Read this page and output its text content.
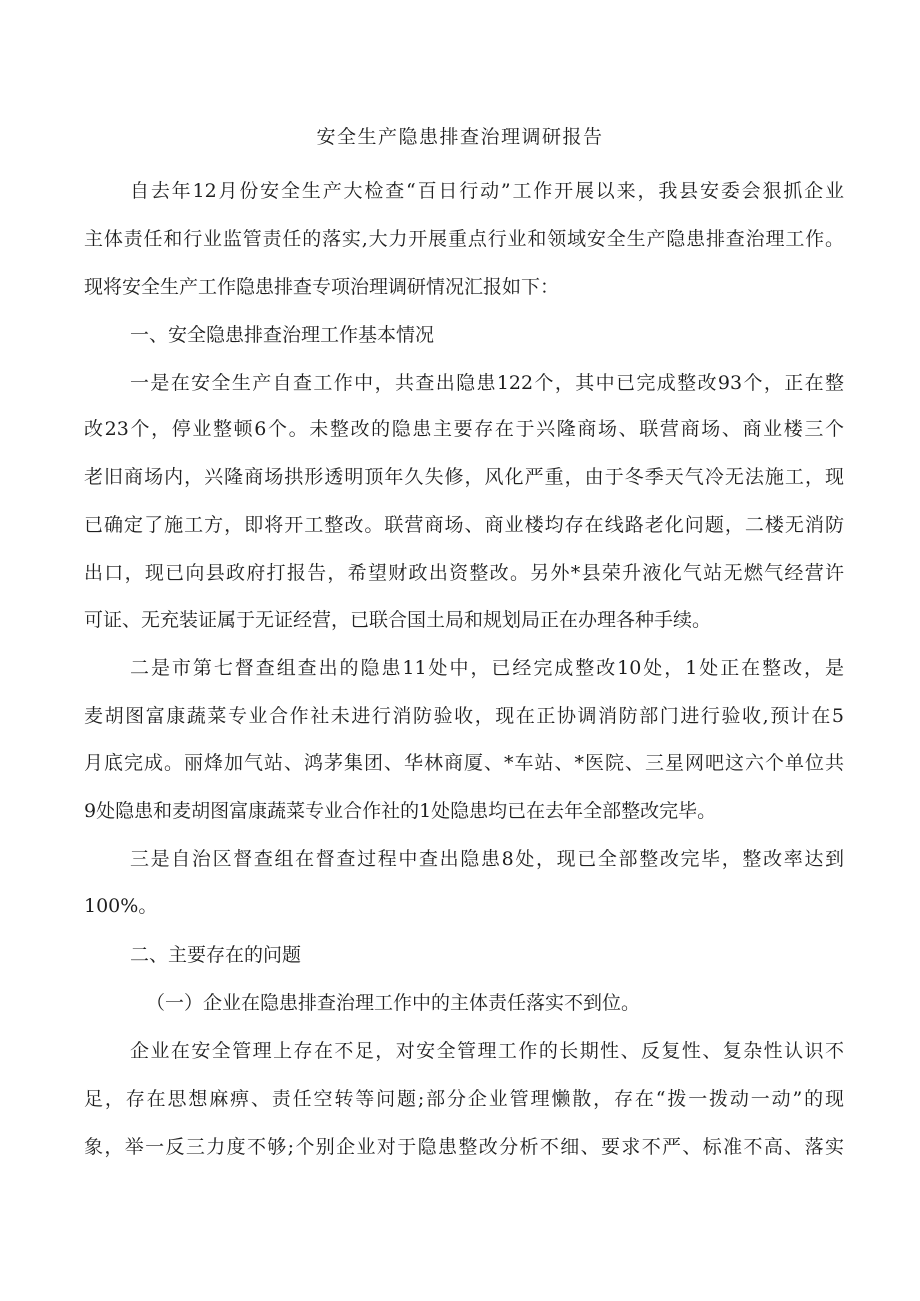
安全生产隐患排查治理调研报告
自去年12月份安全生产大检查“百日行动”工作开展以来，我县安委会狠抓企业
主体责任和行业监管责任的落实,大力开展重点行业和领域安全生产隐患排查治理工作。
现将安全生产工作隐患排查专项治理调研情况汇报如下：
一、安全隐患排查治理工作基本情况
一是在安全生产自查工作中，共查出隐患122个，其中已完成整改93个，正在整
改23个，停业整顿6个。未整改的隐患主要存在于兴隆商场、联营商场、商业楼三个
老旧商场内，兴隆商场拱形透明顶年久失修，风化严重，由于冬季天气冷无法施工，现
已确定了施工方，即将开工整改。联营商场、商业楼均存在线路老化问题，二楼无消防
出口，现已向县政府打报告，希望财政出资整改。另外*县荣升液化气站无燃气经营许
可证、无充装证属于无证经营，已联合国土局和规划局正在办理各种手续。
二是市第七督查组查出的隐患11处中，已经完成整改10处，1处正在整改，是
麦胡图富康蔬菜专业合作社未进行消防验收，现在正协调消防部门进行验收,预计在5
月底完成。丽烽加气站、鸿茅集团、华林商厦、*车站、*医院、三星网吧这六个单位共
9处隐患和麦胡图富康蔬菜专业合作社的1处隐患均已在去年全部整改完毕。
三是自治区督查组在督查过程中查出隐患8处，现已全部整改完毕，整改率达到
100%。
二、主要存在的问题
（一）企业在隐患排查治理工作中的主体责任落实不到位。
企业在安全管理上存在不足，对安全管理工作的长期性、反复性、复杂性认识不
足，存在思想麻痹、责任空转等问题;部分企业管理懒散，存在“拨一拨动一动”的现
象，举一反三力度不够;个别企业对于隐患整改分析不细、要求不严、标准不高、落实
